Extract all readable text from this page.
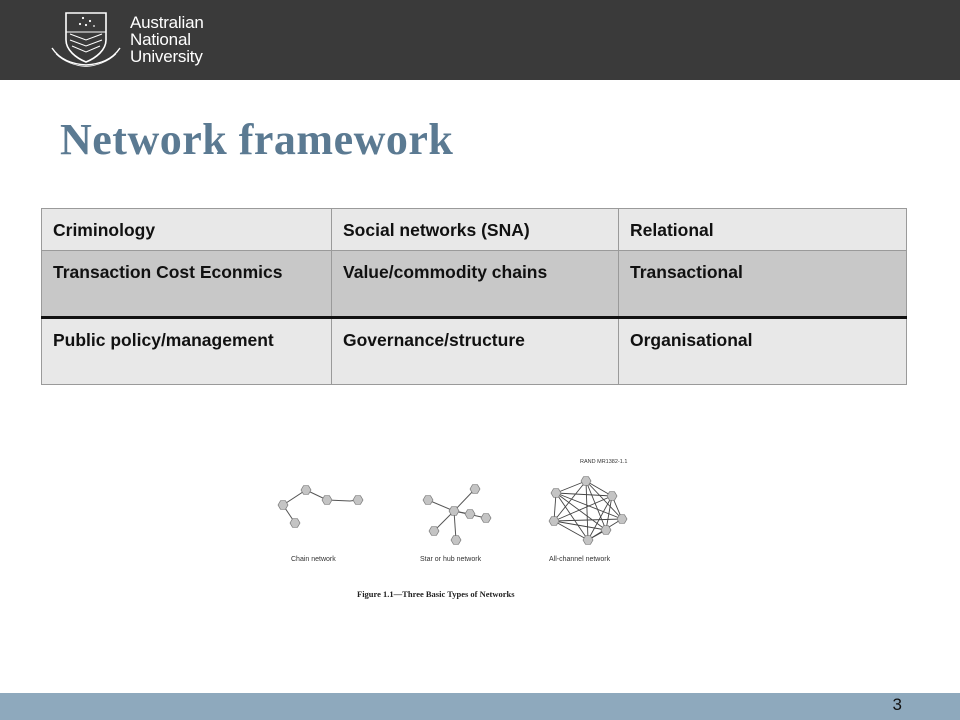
Australian
National
University
Network framework
Criminology	Social networks (SNA)	Relational
Transaction Cost Econmics	Value/commodity chains	Transactional
Public policy/management	Governance/structure	Organisational
Chain network	Star or hub network	All-channel network
RAND MR1382-1.1
Figure 1.1—Three Basic Types of Networks
3
